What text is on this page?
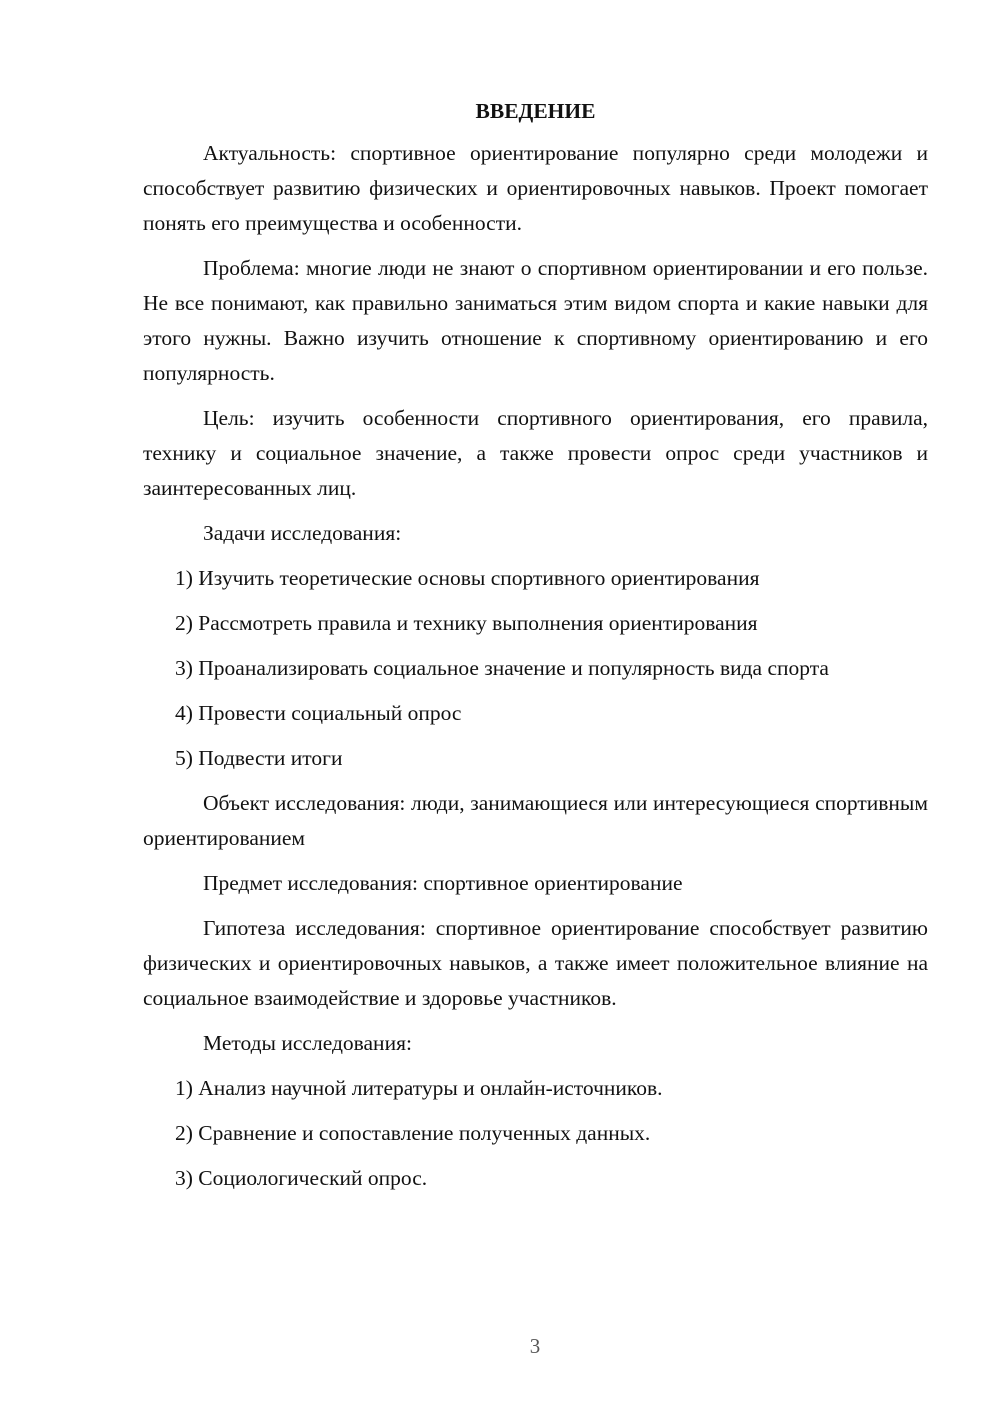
ВВЕДЕНИЕ

Актуальность: спортивное ориентирование популярно среди молодежи и способствует развитию физических и ориентировочных навыков. Проект помогает понять его преимущества и особенности.

Проблема: многие люди не знают о спортивном ориентировании и его пользе. Не все понимают, как правильно заниматься этим видом спорта и какие навыки для этого нужны. Важно изучить отношение к спортивному ориентированию и его популярность.

Цель: изучить особенности спортивного ориентирования, его правила, технику и социальное значение, а также провести опрос среди участников и заинтересованных лиц.

Задачи исследования:

1) Изучить теоретические основы спортивного ориентирования

2) Рассмотреть правила и технику выполнения ориентирования

3) Проанализировать социальное значение и популярность вида спорта

4) Провести социальный опрос

5) Подвести итоги

Объект исследования: люди, занимающиеся или интересующиеся спортивным ориентированием

Предмет исследования: спортивное ориентирование

Гипотеза исследования: спортивное ориентирование способствует развитию физических и ориентировочных навыков, а также имеет положительное влияние на социальное взаимодействие и здоровье участников.

Методы исследования:

1) Анализ научной литературы и онлайн-источников.

2) Сравнение и сопоставление полученных данных.

3) Социологический опрос.

3
